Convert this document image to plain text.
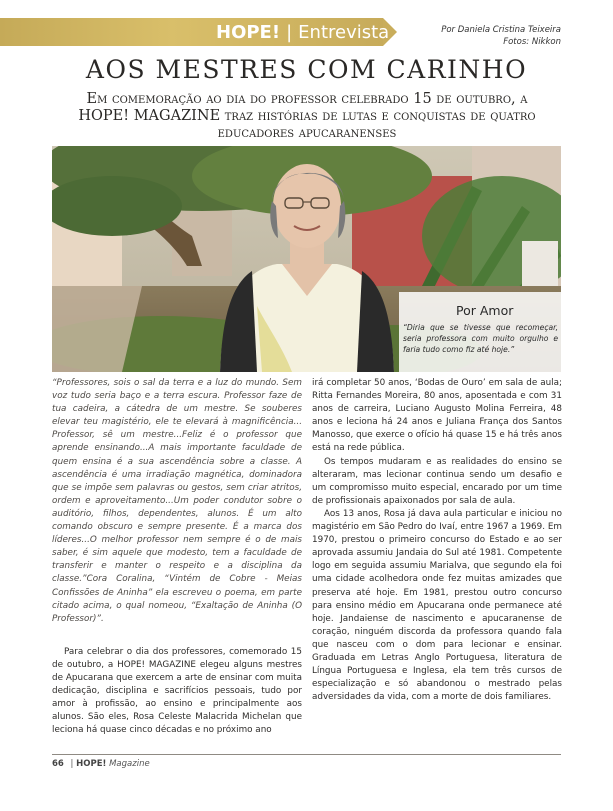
HOPE! | Entrevista	Por Daniela Cristina Teixeira
Fotos: Nikkon
AOS MESTRES COM CARINHO
Em comemoração ao dia do professor celebrado 15 de outubro, a HOPE! MAGAZINE traz histórias de lutas e conquistas de quatro educadores apucaranenses
Por Amor
“Diria que se tivesse que recomeçar, seria professora com muito orgulho e faria tudo como fiz até hoje.”

“Professores, sois o sal da terra e a luz do mundo. Sem voz tudo seria baço e a terra escura. Professor faze de tua cadeira, a cátedra de um mestre. Se souberes elevar teu magistério, ele te elevará à magnificência... Professor, sê um mestre...Feliz é o professor que aprende ensinando...A mais importante faculdade de quem ensina é a sua ascendência sobre a classe. A ascendência é uma irradiação magnética, dominadora que se impõe sem palavras ou gestos, sem criar atritos, ordem e aproveitamento...Um poder condutor sobre o auditório, filhos, dependentes, alunos. É um alto comando obscuro e sempre presente. É a marca dos líderes...O melhor professor nem sempre é o de mais saber, é sim aquele que modesto, tem a faculdade de transferir e manter o respeito e a disciplina da classe.”Cora Coralina, “Vintém de Cobre - Meias Confissões de Aninha” ela escreveu o poema, em parte citado acima, o qual nomeou, “Exaltação de Aninha (O Professor)”.

Para celebrar o dia dos professores, comemorado 15 de outubro, a HOPE! MAGAZINE elegeu alguns mestres de Apucarana que exercem a arte de ensinar com muita dedicação, disciplina e sacrifícios pessoais, tudo por amor à profissão, ao ensino e principalmente aos alunos. São eles, Rosa Celeste Malacrida Michelan que leciona há quase cinco décadas e no próximo ano

irá completar 50 anos, ‘Bodas de Ouro’ em sala de aula; Ritta Fernandes Moreira, 80 anos, aposentada e com 31 anos de carreira, Luciano Augusto Molina Ferreira, 48 anos e leciona há 24 anos e Juliana França dos Santos Manosso, que exerce o ofício há quase 15 e há três anos está na rede pública.

Os tempos mudaram e as realidades do ensino se alteraram, mas lecionar continua sendo um desafio e um compromisso muito especial, encarado por um time de profissionais apaixonados por sala de aula.

Aos 13 anos, Rosa já dava aula particular e iniciou no magistério em São Pedro do Ivaí, entre 1967 a 1969. Em 1970, prestou o primeiro concurso do Estado e ao ser aprovada assumiu Jandaia do Sul até 1981. Competente logo em seguida assumiu Marialva, que segundo ela foi uma cidade acolhedora onde fez muitas amizades que preserva até hoje. Em 1981, prestou outro concurso para ensino médio em Apucarana onde permanece até hoje. Jandaiense de nascimento e apucaranense de coração, ninguém discorda da professora quando fala que nasceu com o dom para lecionar e ensinar. Graduada em Letras Anglo Portuguesa, literatura de Língua Portuguesa e Inglesa, ela tem três cursos de especialização e só abandonou o mestrado pelas adversidades da vida, com a morte de dois familiares.

66 | HOPE! Magazine
